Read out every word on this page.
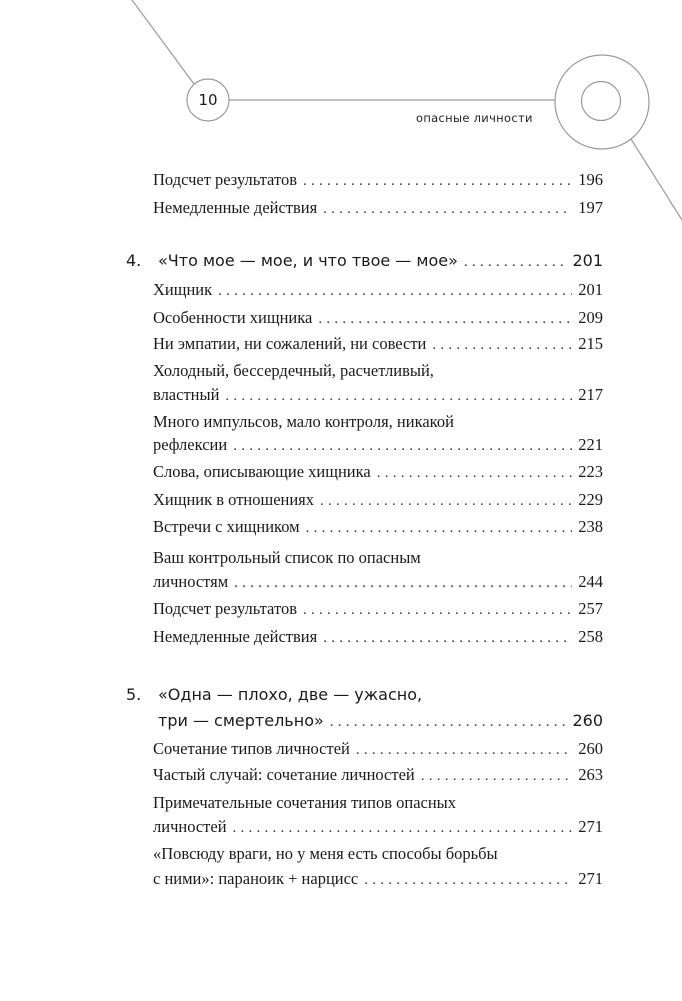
10
опасные личности
Подсчет результатов . . .	196
Немедленные действия . . .	197
4.	«Что мое — мое, и что твое — мое» . . .	201
Хищник . . .	201
Особенности хищника . . .	209
Ни эмпатии, ни сожалений, ни совести . . .	215
Холодный, бессердечный, расчетливый,
властный . . .	217
Много импульсов, мало контроля, никакой
рефлексии . . .	221
Слова, описывающие хищника . . .	223
Хищник в отношениях . . .	229
Встречи с хищником . . .	238
Ваш контрольный список по опасным
личностям . . .	244
Подсчет результатов . . .	257
Немедленные действия . . .	258
5. «Одна — плохо, две — ужасно,
три — смертельно» . . .	260
Сочетание типов личностей . . .	260
Частый случай: сочетание личностей . . .	263
Примечательные сочетания типов опасных
личностей . . .	271
«Повсюду враги, но у меня есть способы борьбы
с ними»: параноик + нарцисс . . .	271
